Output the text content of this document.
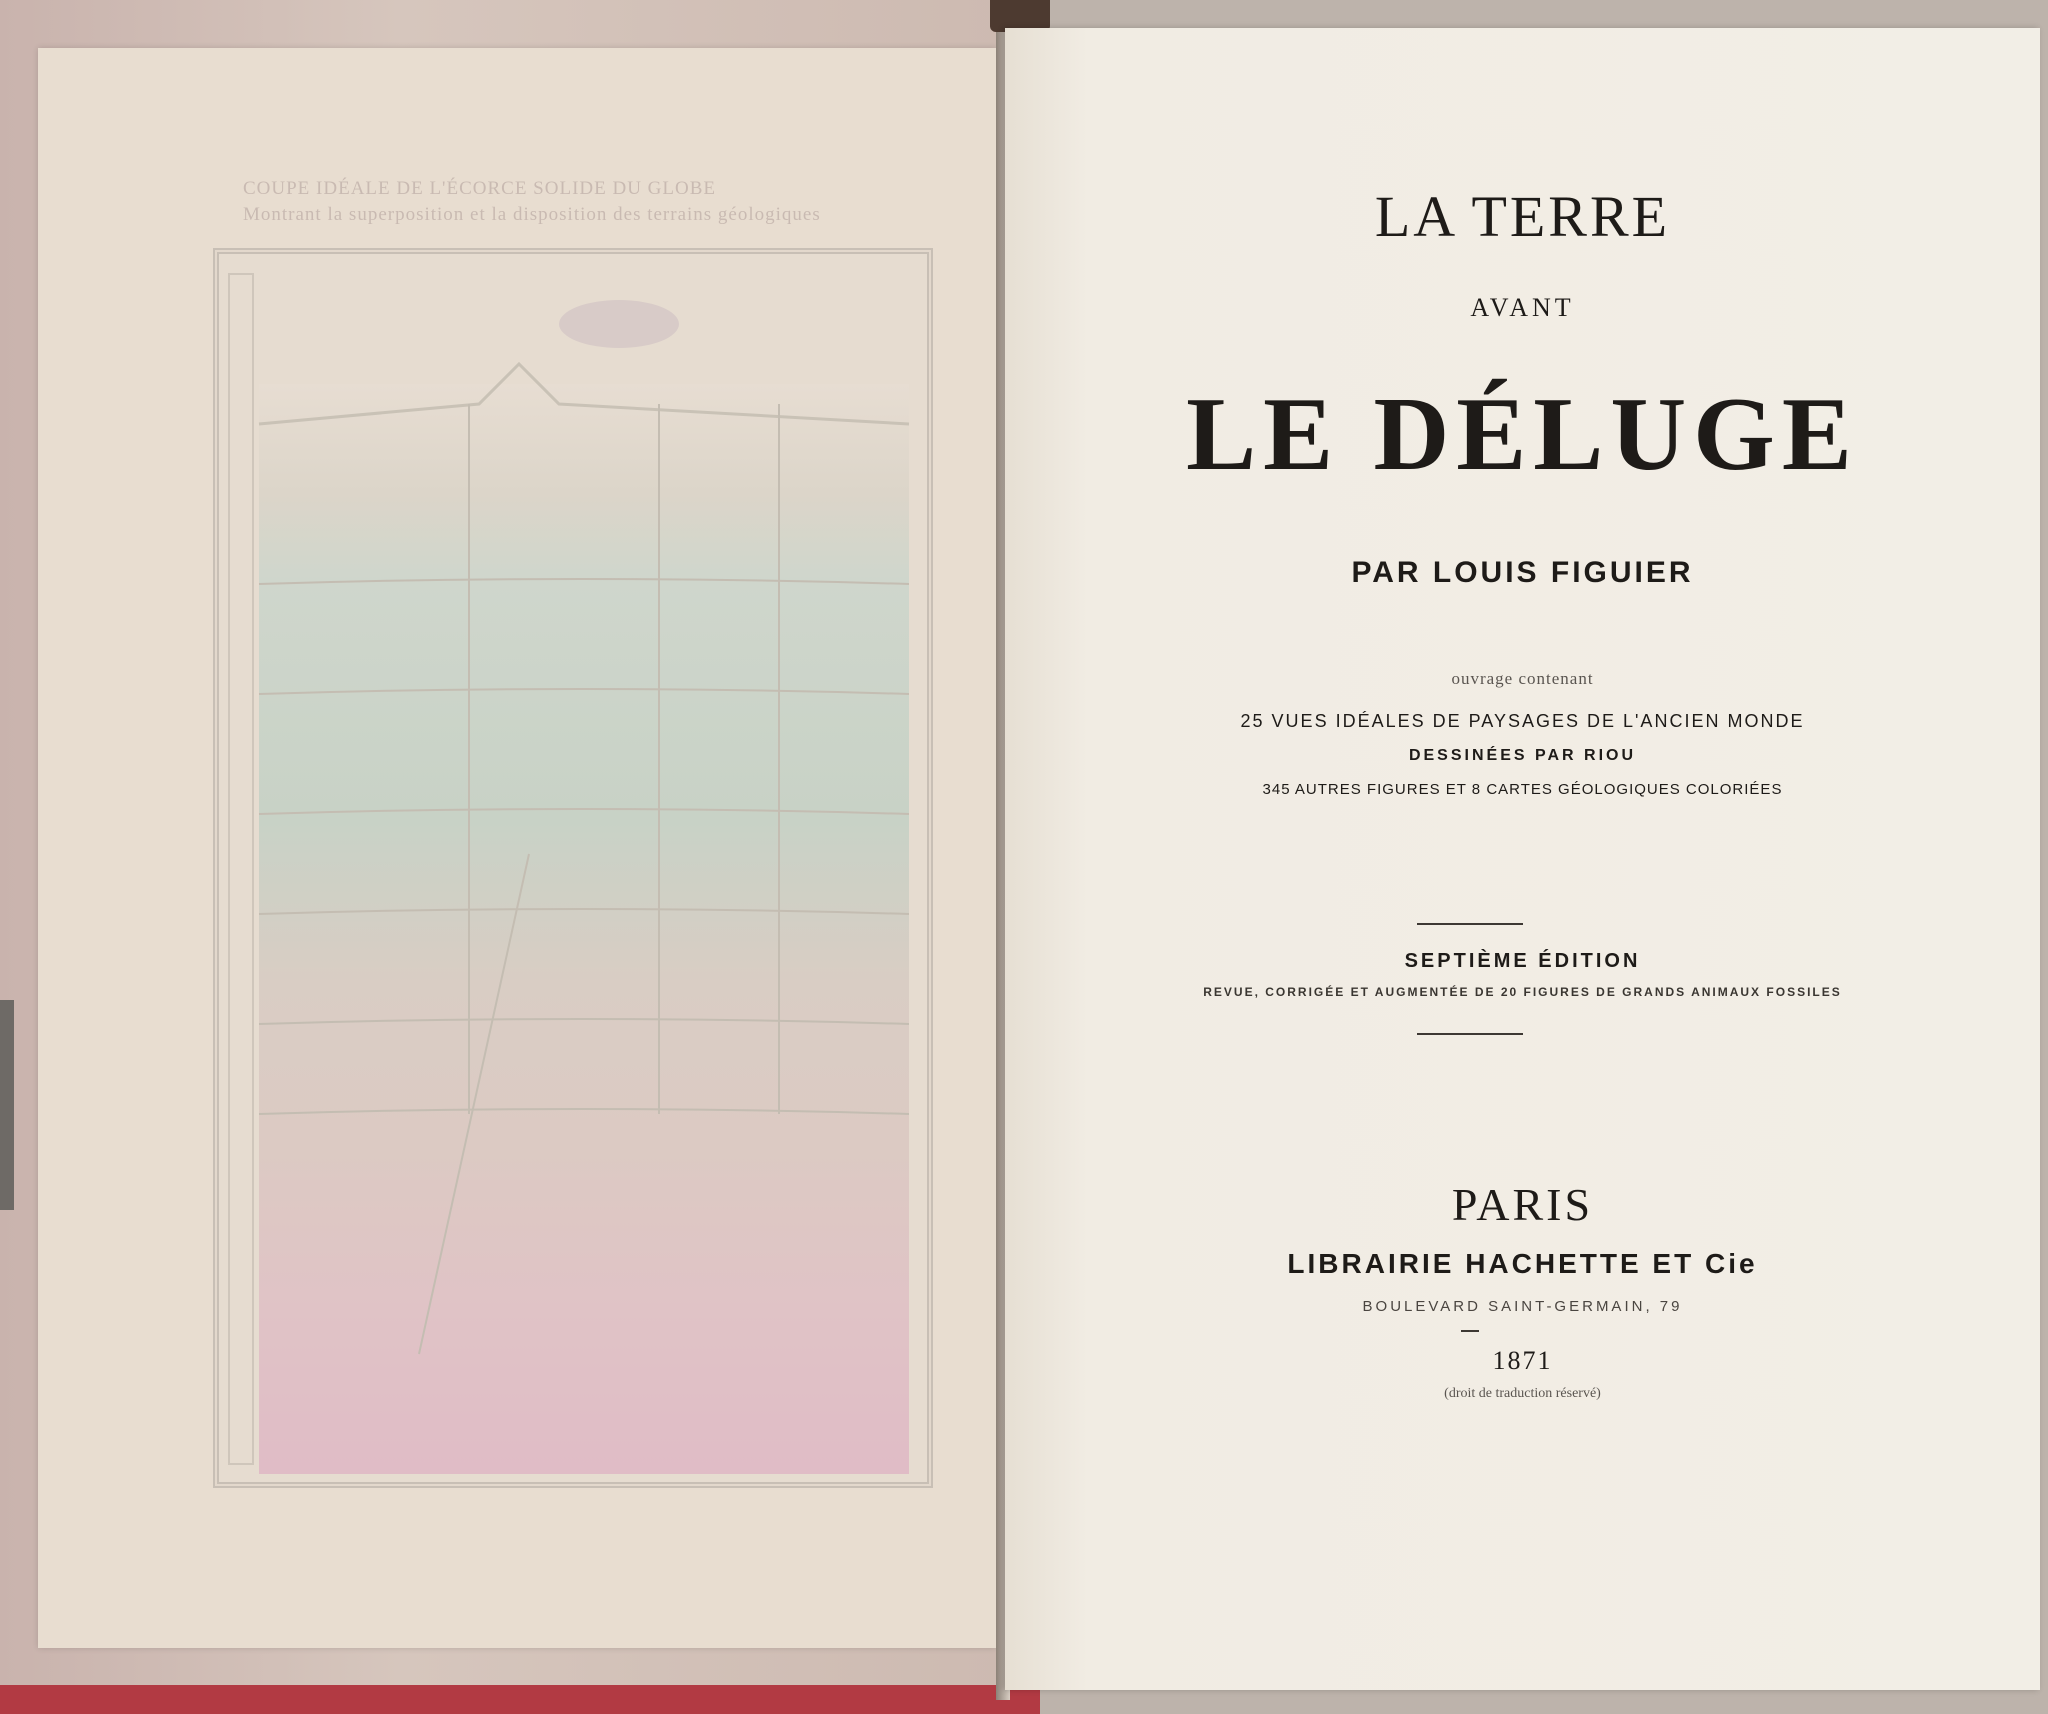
COUPE IDÉALE DE L'ÉCORCE SOLIDE DU GLOBE
Montrant la superposition et la disposition des terrains géologiques	LA TERRE
AVANT
LE DÉLUGE
PAR LOUIS FIGUIER
ouvrage contenant
25 VUES IDÉALES DE PAYSAGES DE L'ANCIEN MONDE
DESSINÉES PAR RIOU
345 AUTRES FIGURES ET 8 CARTES GÉOLOGIQUES COLORIÉES
SEPTIÈME ÉDITION
REVUE, CORRIGÉE ET AUGMENTÉE DE 20 FIGURES DE GRANDS ANIMAUX FOSSILES
PARIS
LIBRAIRIE HACHETTE ET Cie
BOULEVARD SAINT-GERMAIN, 79
1871
(droit de traduction réservé)
